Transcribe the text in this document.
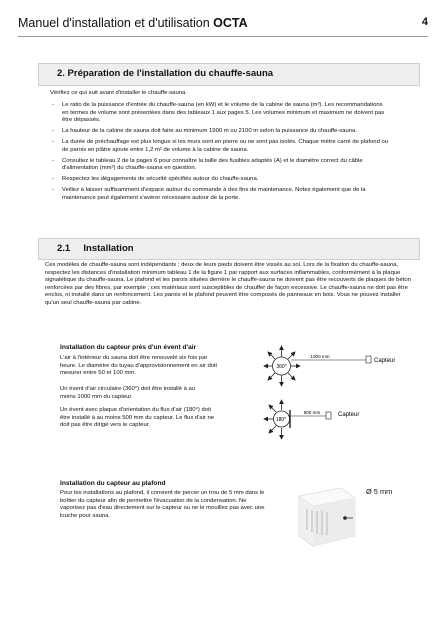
Manuel d'installation et d'utilisation OCTA	4
2. Préparation de l'installation du chauffe-sauna
Vérifiez ce qui suit avant d'installer le chauffe-sauna.
- Le ratio de la puissance d'entrée du chauffe-sauna (en kW) et le volume de la cabine de sauna (m³). Les recommandations en termes de volume sont présentées dans des tableaux 1 aux pages 5. Les volumes minimum et maximum ne doivent pas être dépassés.
- La hauteur de la cabine de sauna doit faire au minimum 1900 m ou 2100 m selon la puissance du chauffe-sauna.
- La durée de préchauffage est plus longue si les murs sont en pierre ou ne sont pas isolés. Chaque mètre carré de plafond ou de parois en plâtre ajoute entre 1,2 m² de volume à la cabine de sauna.
- Consultez le tableau 2 de la pages 6 pour connaître la taille des fusibles adaptés (A) et le diamètre correct du câble d'alimentation (mm²) du chauffe-sauna en question.
- Respectez les dégagements de sécurité spécifiés autour du chauffe-sauna.
- Veillez à laisser suffisamment d'espace autour du commande à des fins de maintenance. Notez également que de la maintenance peut également s'avérer nécessaire autour de la porte.
2.1     Installation
Ces modèles de chauffe-sauna sont indépendants ; deux de leurs pieds doivent être vissés au sol. Lors de la fixation du chauffe-sauna, respectez les distances d'installation minimum tableau 1 de la figure 1 par rapport aux surfaces inflammables, conformément à la plaque signalétique du chauffe-sauna. Le plafond et les parois situées derrière le chauffe-sauna ne doivent pas être recouverts de plaques de béton renforcées par des fibres, par exemple ; ces matériaux sont susceptibles de chauffer de façon excessive. Le chauffe-sauna ne doit pas être enclos, ni installé dans un renfoncement. Les parois et le plafond peuvent être composés de panneaux en bois. Vous ne pouvez installer qu'un seul chauffe-sauna par cabine.
Installation du capteur près d'un évent d'air
L'air à l'intérieur du sauna doit être renouvelé six fois par heure. Le diamètre du tuyau d'approvisionnement en air doit mesurer entre 50 et 100 mm.
Un évent d'air circulaire (360°) doit être installé à au moins 1000 mm du capteur.
Un évent avec plaque d'orientation du flux d'air (180°) doit être installé à au moins 500 mm du capteur. Le flux d'air ne doit pas être dirigé vers le capteur.
360°
1000 mm
Capteur
180°
500 mm	Capteur
Installation du capteur au plafond
Pour les installations au plafond, il convient de percer un trou de 5 mm dans le boîtier du capteur afin de permettre l'évacuation de la condensation. Ne vaporisez pas d'eau directement sur le capteur ou ne le mouillez pas avec une louche pour sauna.
Ø 5 mm
